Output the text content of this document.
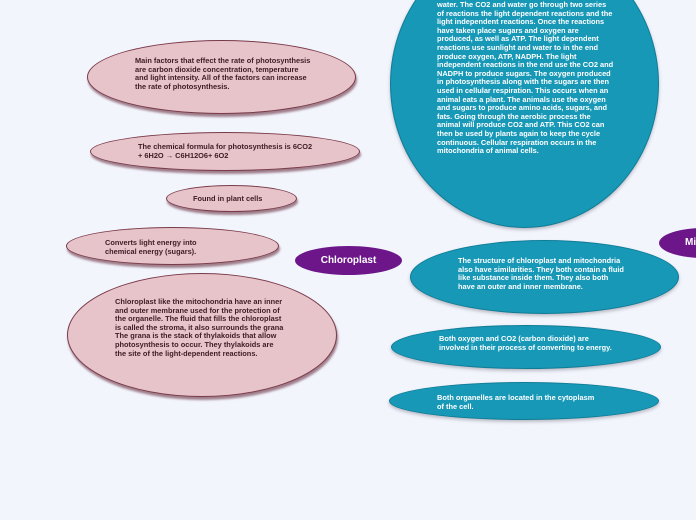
Main factors that effect the rate of photosynthesis are carbon dioxide concentration, temperature and light intensity. All of the factors can increase the rate of photosynthesis.

The chemical formula for photosynthesis is 6CO2 + 6H2O → C6H12O6+ 6O2

Found in plant cells

Converts light energy into chemical energy (sugars).

Chloroplast like the mitochondria have an inner and outer membrane used for the protection of the organelle. The fluid that fills the chloroplast is called the stroma, it also surrounds the grana The grana is the stack of thylakoids that allow photosynthesis to occur. They thylakoids are the site of the light-dependent reactions.

Chloroplast
Mi

water. The CO2 and water go through two series of reactions the light dependent reactions and the light independent reactions. Once the reactions have taken place sugars and oxygen are produced, as well as ATP. The light dependent reactions use sunlight and water to in the end produce oxygen, ATP, NADPH. The light independent reactions in the end use the CO2 and NADPH to produce sugars. The oxygen produced in photosynthesis along with the sugars are then used in cellular respiration. This occurs when an animal eats a plant. The animals use the oxygen and sugars to produce amino acids, sugars, and fats. Going through the aerobic process the animal will produce CO2 and ATP. This CO2 can then be used by plants again to keep the cycle continuous. Cellular respiration occurs in the mitochondria of animal cells.

The structure of chloroplast and mitochondria also have similarities. They both contain a fluid like substance inside them. They also both have an outer and inner membrane.

Both oxygen and CO2 (carbon dioxide) are involved in their process of converting to energy.

Both organelles are located in the cytoplasm of the cell.
